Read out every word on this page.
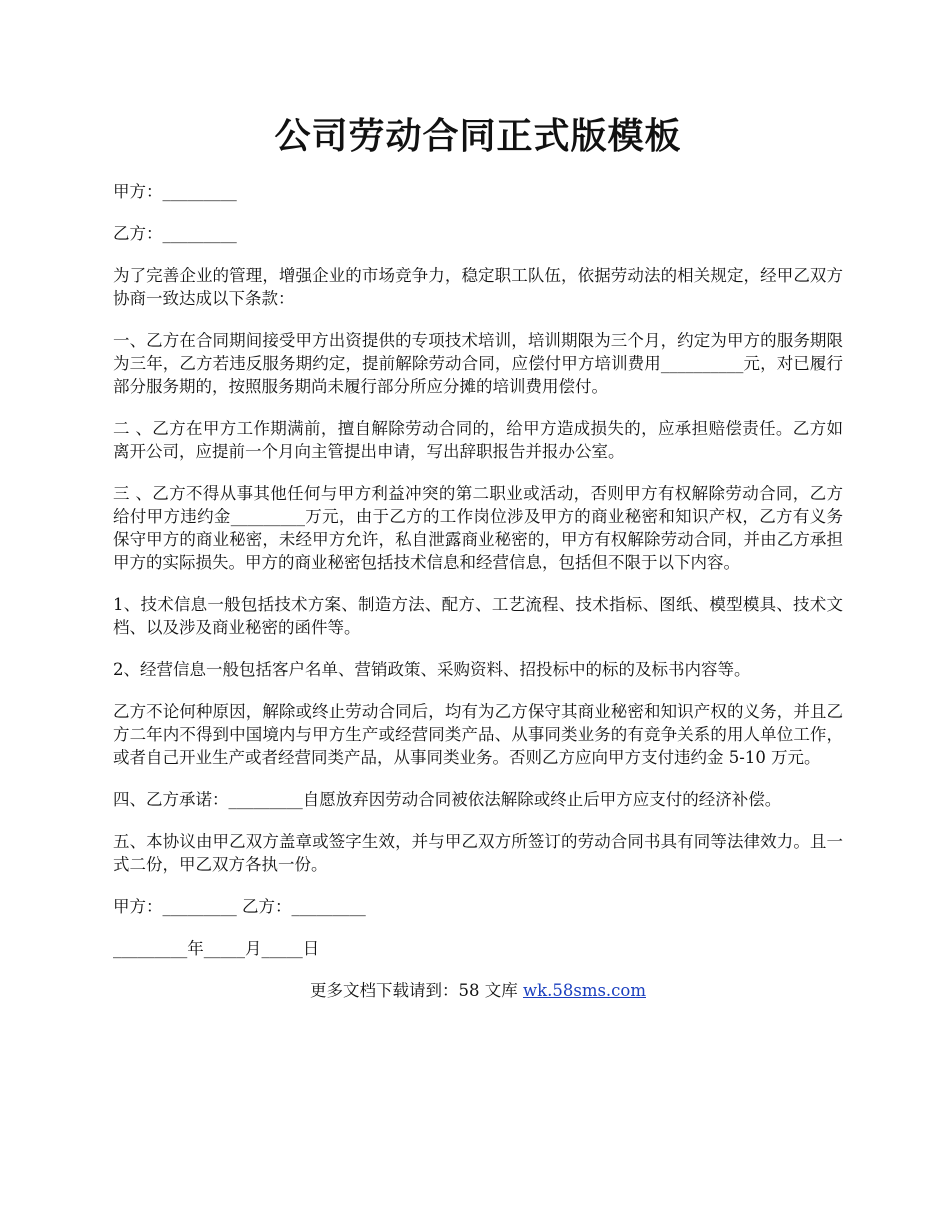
公司劳动合同正式版模板

甲方：_________

乙方：_________

为了完善企业的管理，增强企业的市场竞争力，稳定职工队伍，依据劳动法的相关规定，经甲乙双方协商一致达成以下条款：

一、乙方在合同期间接受甲方出资提供的专项技术培训，培训期限为三个月，约定为甲方的服务期限为三年，乙方若违反服务期约定，提前解除劳动合同，应偿付甲方培训费用__________元，对已履行部分服务期的，按照服务期尚未履行部分所应分摊的培训费用偿付。

二 、乙方在甲方工作期满前，擅自解除劳动合同的，给甲方造成损失的，应承担赔偿责任。乙方如离开公司，应提前一个月向主管提出申请，写出辞职报告并报办公室。

三 、乙方不得从事其他任何与甲方利益冲突的第二职业或活动，否则甲方有权解除劳动合同，乙方给付甲方违约金_________万元，由于乙方的工作岗位涉及甲方的商业秘密和知识产权，乙方有义务保守甲方的商业秘密，未经甲方允许，私自泄露商业秘密的，甲方有权解除劳动合同，并由乙方承担甲方的实际损失。甲方的商业秘密包括技术信息和经营信息，包括但不限于以下内容。

1、技术信息一般包括技术方案、制造方法、配方、工艺流程、技术指标、图纸、模型模具、技术文档、以及涉及商业秘密的函件等。

2、经营信息一般包括客户名单、营销政策、采购资料、招投标中的标的及标书内容等。

乙方不论何种原因，解除或终止劳动合同后，均有为乙方保守其商业秘密和知识产权的义务，并且乙方二年内不得到中国境内与甲方生产或经营同类产品、从事同类业务的有竞争关系的用人单位工作，或者自己开业生产或者经营同类产品，从事同类业务。否则乙方应向甲方支付违约金 5-10 万元。

四、乙方承诺：_________自愿放弃因劳动合同被依法解除或终止后甲方应支付的经济补偿。

五、本协议由甲乙双方盖章或签字生效，并与甲乙双方所签订的劳动合同书具有同等法律效力。且一式二份，甲乙双方各执一份。

甲方：_________ 乙方：_________

_________年_____月_____日

更多文档下载请到：58 文库 wk.58sms.com
